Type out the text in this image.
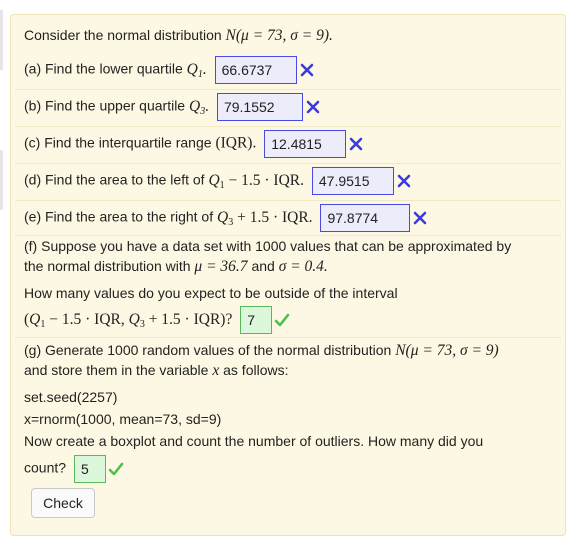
Consider the normal distribution N(μ = 73, σ = 9).
(a) Find the lower quartile $Q_1$. 66.6737
(b) Find the upper quartile $Q_3$. 79.1552
(c) Find the interquartile range (IQR). 12.4815
(d) Find the area to the left of $Q_1 - 1.5$ · IQR. 47.9515
(e) Find the area to the right of $Q_3 + 1.5$ · IQR. 97.8774
(f) Suppose you have a data set with 1000 values that can be approximated by
the normal distribution with μ = 36.7 and σ = 0.4.
How many values do you expect to be outside of the interval
($Q_1 - 1.5$ · IQR, $Q_3 + 1.5 \cdot IQR$)? 7
(g) Generate 1000 random values of the normal distribution N(μ = 73, σ = 9)
and store them in the variable x as follows:
set.seed(2257)
x=rnorm(1000, mean=73, sd=9)
Now create a boxplot and count the number of outliers. How many did you
count? 5
Check
